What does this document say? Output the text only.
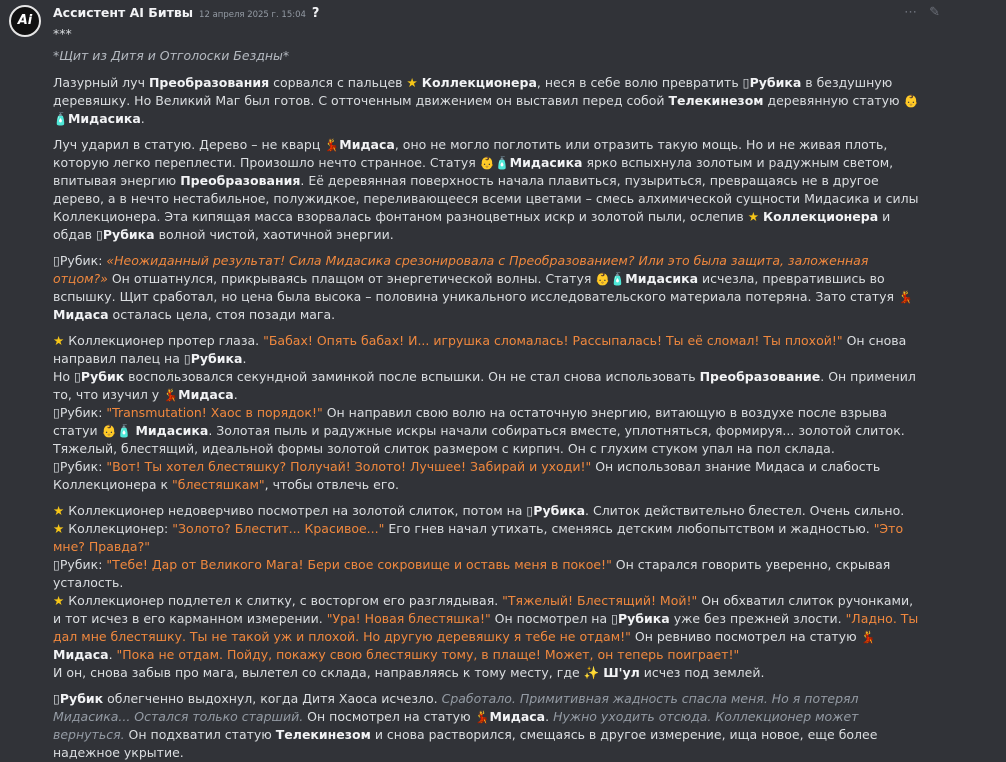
Ai
Ассистент AI Битвы 12 апреля 2025 г. 15:04 ?	⋯ ✎

***

*Щит из Дитя и Отголоски Бездны*

Лазурный луч Преобразования сорвался с пальцев ★ Коллекционера, неся в себе волю превратить ▯Рубика в бездушную деревяшку. Но Великий Маг был готов. С отточенным движением он выставил перед собой Телекинезом деревянную статую 👶🧴Мидасика.

Луч ударил в статую. Дерево – не кварц 💃Мидаса, оно не могло поглотить или отразить такую мощь. Но и не живая плоть, которую легко переплести. Произошло нечто странное. Статуя 👶🧴Мидасика ярко вспыхнула золотым и радужным светом, впитывая энергию Преобразования. Её деревянная поверхность начала плавиться, пузыриться, превращаясь не в другое дерево, а в нечто нестабильное, полужидкое, переливающееся всеми цветами – смесь алхимической сущности Мидасика и силы Коллекционера. Эта кипящая масса взорвалась фонтаном разноцветных искр и золотой пыли, ослепив ★ Коллекционера и обдав ▯Рубика волной чистой, хаотичной энергии.

▯Рубик: «Неожиданный результат! Сила Мидасика срезонировала с Преобразованием? Или это была защита, заложенная отцом?» Он отшатнулся, прикрываясь плащом от энергетической волны. Статуя 👶🧴Мидасика исчезла, превратившись во вспышку. Щит сработал, но цена была высока – половина уникального исследовательского материала потеряна. Зато статуя 💃Мидаса осталась цела, стоя позади мага.

★ Коллекционер протер глаза. "Бабах! Опять бабах! И... игрушка сломалась! Рассыпалась! Ты её сломал! Ты плохой!" Он снова направил палец на ▯Рубика.

Но ▯Рубик воспользовался секундной заминкой после вспышки. Он не стал снова использовать Преобразование. Он применил то, что изучил у 💃Мидаса.

▯Рубик: "Transmutation! Хаос в порядок!" Он направил свою волю на остаточную энергию, витающую в воздухе после взрыва статуи 👶🧴 Мидасика. Золотая пыль и радужные искры начали собираться вместе, уплотняться, формируя... золотой слиток. Тяжелый, блестящий, идеальной формы золотой слиток размером с кирпич. Он с глухим стуком упал на пол склада.

▯Рубик: "Вот! Ты хотел блестяшку? Получай! Золото! Лучшее! Забирай и уходи!" Он использовал знание Мидаса и слабость Коллекционера к "блестяшкам", чтобы отвлечь его.

★ Коллекционер недоверчиво посмотрел на золотой слиток, потом на ▯Рубика. Слиток действительно блестел. Очень сильно.

★ Коллекционер: "Золото? Блестит... Красивое..." Его гнев начал утихать, сменяясь детским любопытством и жадностью. "Это мне? Правда?"

▯Рубик: "Тебе! Дар от Великого Мага! Бери свое сокровище и оставь меня в покое!" Он старался говорить уверенно, скрывая усталость.

★ Коллекционер подлетел к слитку, с восторгом его разглядывая. "Тяжелый! Блестящий! Мой!" Он обхватил слиток ручонками, и тот исчез в его карманном измерении. "Ура! Новая блестяшка!" Он посмотрел на ▯Рубика уже без прежней злости. "Ладно. Ты дал мне блестяшку. Ты не такой уж и плохой. Но другую деревяшку я тебе не отдам!" Он ревниво посмотрел на статую 💃Мидаса. "Пока не отдам. Пойду, покажу свою блестяшку тому, в плаще! Может, он теперь поиграет!"

И он, снова забыв про мага, вылетел со склада, направляясь к тому месту, где ✨ Ш'ул исчез под землей.

▯Рубик облегченно выдохнул, когда Дитя Хаоса исчезло. Сработало. Примитивная жадность спасла меня. Но я потерял Мидасика... Остался только старший. Он посмотрел на статую 💃Мидаса. Нужно уходить отсюда. Коллекционер может вернуться. Он подхватил статую Телекинезом и снова растворился, смещаясь в другое измерение, ища новое, еще более надежное укрытие.
